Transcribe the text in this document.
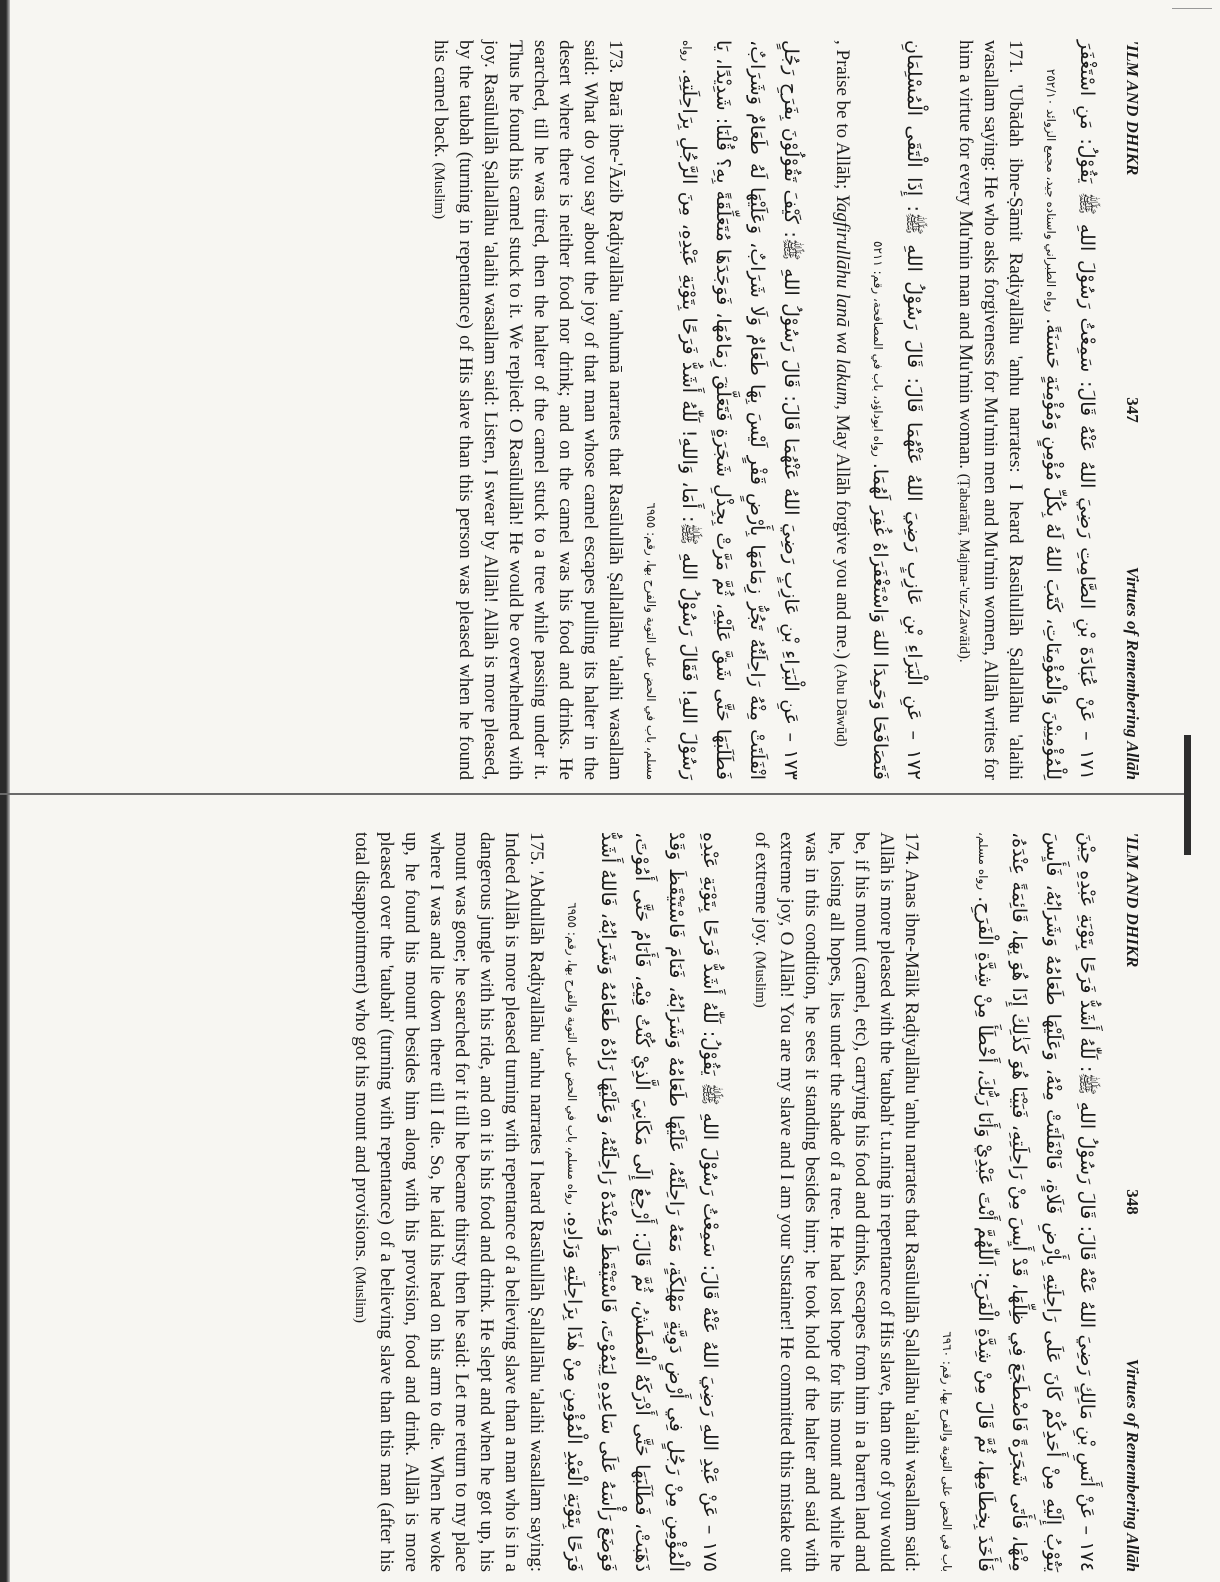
'ILM AND DHIKR
347
Virtues of Remembering Allāh

١٧١ – عَنْ عُبَادَةَ بْنِ الصَّامِتِ رَضِيَ اللهُ عَنْهُ قَالَ: سَمِعْتُ رَسُوْلَ اللهِ ﷺ يَقُوْلُ: مَنِ اسْتَغْفَرَ لِلْمُؤْمِنِيْنَ وَالْمُؤْمِنَاتِ، كَتَبَ اللهُ لَهُ بِكُلِّ مُؤْمِنٍ وَمُؤْمِنَةٍ حَسَنَةً. رواه الطبراني واسناده جيد، مجمع الزوائد ٢٥٢/١٠

171. 'Ubādah ibne-Ṣāmit Raḍiyallāhu 'anhu narrates: I heard Rasūlullāh Ṣallallāhu 'alaihi wasallam saying: He who asks forgiveness for Mu'min men and Mu'min women, Allāh writes for him a virtue for every Mu'min man and Mu'min woman. (Ṭabarānī, Majma-'uz-Zawāid).

١٧٢ – عَنِ الْبَرَاءِ بْنِ عَازِبٍ رَضِيَ اللهُ عَنْهُمَا قَالَ: قَالَ رَسُوْلُ اللهِ ﷺ: إِذَا الْتَقَى الْمُسْلِمَانِ فَتَصَافَحَا وَحَمِدَا اللهَ وَاسْتَغْفَرَاهُ غُفِرَ لَهُمَا. رواه ابوداؤد، باب في المصافحة، رقم: ٥٢١١

, Praise be to Allāh; Yagfirullāhu lanā wa lakum, May Allāh forgive you and me.) (Abu Dāwūd)

١٧٣ – عَنِ الْبَرَاءِ بْنِ عَازِبٍ رَضِيَ اللهُ عَنْهُمَا قَالَ: قَالَ رَسُوْلُ اللهِ ﷺ: كَيْفَ تَقُوْلُوْنَ بِفَرَحِ رَجُلٍ انْفَلَتَتْ مِنْهُ رَاحِلَتُهُ تَجُرُّ زِمَامَهَا بِأَرْضٍ قَفْرٍ لَيْسَ بِهَا طَعَامٌ وَلَا شَرَابٌ، وَعَلَيْهَا لَهُ طَعَامٌ وَشَرَابٌ، فَطَلَبَهَا حَتَّى شَقَّ عَلَيْهِ، ثُمَّ مَرَّتْ بِجِذْلِ شَجَرَةٍ فَتَعَلَّقَ زِمَامُهَا، فَوَجَدَهَا مُتَعَلِّقَةً بِهِ؟ قُلْنَا: شَدِيْدًا، يَا رَسُوْلَ اللهِ! فَقَالَ رَسُوْلُ اللهِ ﷺ: أَمَا، وَاللهِ! لَلّٰهُ أَشَدُّ فَرَحًا بِتَوْبَةِ عَبْدِهِ، مِنَ الرَّجُلِ بِرَاحِلَتِهِ. رواه مسلم، باب في الحض على التوبة والفرح بها، رقم: ٦٩٥٥

173. Barā ibne-'Āzib Raḍiyallāhu 'anhumā narrates that Rasūlullāh Ṣallallāhu 'alaihi wasallam said: What do you say about the joy of that man whose camel escapes pulling its halter in the desert where there is neither food nor drink; and on the camel was his food and drinks. He searched, till he was tired, then the halter of the camel stuck to a tree while passing under it. Thus he found his camel stuck to it. We replied: O Rasūlullāh! He would be overwhelmed with joy. Rasūlullāh Ṣallallāhu 'alaihi wasallam said: Listen, I swear by Allāh! Allāh is more pleased, by the taubah (turning in repentance) of His slave than this person was pleased when he found his camel back. (Muslim)

'ILM AND DHIKR
348
Virtues of Remembering Allāh

١٧٤ – عَنْ أَنَسِ بْنِ مَالِكٍ رَضِيَ اللهُ عَنْهُ قَالَ: قَالَ رَسُوْلُ اللهِ ﷺ: لَلّٰهُ أَشَدُّ فَرَحًا بِتَوْبَةِ عَبْدِهِ حِيْنَ يَتُوْبُ إِلَيْهِ مِنْ أَحَدِكُمْ كَانَ عَلَى رَاحِلَتِهِ بِأَرْضِ فَلَاةٍ، فَانْفَلَتَتْ مِنْهُ، وَعَلَيْهَا طَعَامُهُ وَشَرَابُهُ، فَأَيِسَ مِنْهَا، فَأَتَى شَجَرَةً فَاضْطَجَعَ فِي ظِلِّهَا، قَدْ أَيِسَ مِنْ رَاحِلَتِهِ، فَبَيْنَا هُوَ كَذٰلِكَ إِذَا هُوَ بِهَا، قَائِمَةً عِنْدَهُ، فَأَخَذَ بِخِطَامِهَا، ثُمَّ قَالَ مِنْ شِدَّةِ الْفَرَحِ: اَللّٰهُمَّ أَنْتَ عَبْدِيْ وَأَنَا رَبُّكَ، أَخْطَأَ مِنْ شِدَّةِ الْفَرَحِ. رواه مسلم، باب في الحض على التوبة والفرح بها، رقم: ٦٩٦٠

174. Anas ibne-Mālik Raḍiyallāhu 'anhu narrates that Rasūlullāh Ṣallallāhu 'alaihi wasallam said: Allāh is more pleased with the 'taubah' t.u.ning in repentance of His slave, than one of you would be, if his mount (camel, etc), carrying his food and drinks, escapes from him in a barren land and he, losing all hopes, lies under the shade of a tree. He had lost hope for his mount and while he was in this condition, he sees it standing besides him; he took hold of the halter and said with extreme joy, O Allāh! You are my slave and I am your Sustainer! He committed this mistake out of extreme joy. (Muslim)

١٧٥ – عَنْ عَبْدِ اللهِ رَضِيَ اللهُ عَنْهُ قَالَ: سَمِعْتُ رَسُوْلَ اللهِ ﷺ يَقُوْلُ: لَلّٰهُ أَشَدُّ فَرَحًا بِتَوْبَةِ عَبْدِهِ الْمُؤْمِنِ مِنْ رَجُلٍ فِي أَرْضٍ دَوِيَّةٍ مَهْلِكَةٍ، مَعَهُ رَاحِلَتُهُ، عَلَيْهَا طَعَامُهُ وَشَرَابُهُ، فَنَامَ فَاسْتَيْقَظَ وَقَدْ ذَهَبَتْ، فَطَلَبَهَا حَتَّى أَدْرَكَهُ الْعَطَشُ، ثُمَّ قَالَ: أَرْجِعُ إِلَى مَكَانِيَ الَّذِيْ كُنْتُ فِيْهِ، فَأَنَامُ حَتَّى أَمُوْتَ، فَوَضَعَ رَأْسَهُ عَلَى سَاعِدِهِ لِيَمُوْتَ، فَاسْتَيْقَظَ وَعِنْدَهُ رَاحِلَتُهُ، وَعَلَيْهَا زَادُهُ طَعَامُهُ وَشَرَابُهُ، فَاللهُ أَشَدُّ فَرَحًا بِتَوْبَةِ الْعَبْدِ الْمُؤْمِنِ مِنْ هٰذَا بِرَاحِلَتِهِ وَزَادِهِ. رواه مسلم، باب في الحض على التوبة والفرح بها، رقم: ٦٩٥٥

175. 'Abdullāh Raḍiyallāhu 'anhu narrates I heard Rasūlullāh Ṣallallāhu 'alaihi wasallam saying: Indeed Allāh is more pleased turning with repentance of a believing slave than a man who is in a dangerous jungle with his ride, and on it is his food and drink. He slept and when he got up, his mount was gone; he searched for it till he became thirsty then he said: Let me return to my place where I was and lie down there till I die. So, he laid his head on his arm to die. When he woke up, he found his mount besides him along with his provision, food and drink. Allāh is more pleased over the 'taubah' (turning with repentance) of a believing slave than this man (after his total disappointment) who got his mount and provisions. (Muslim)
